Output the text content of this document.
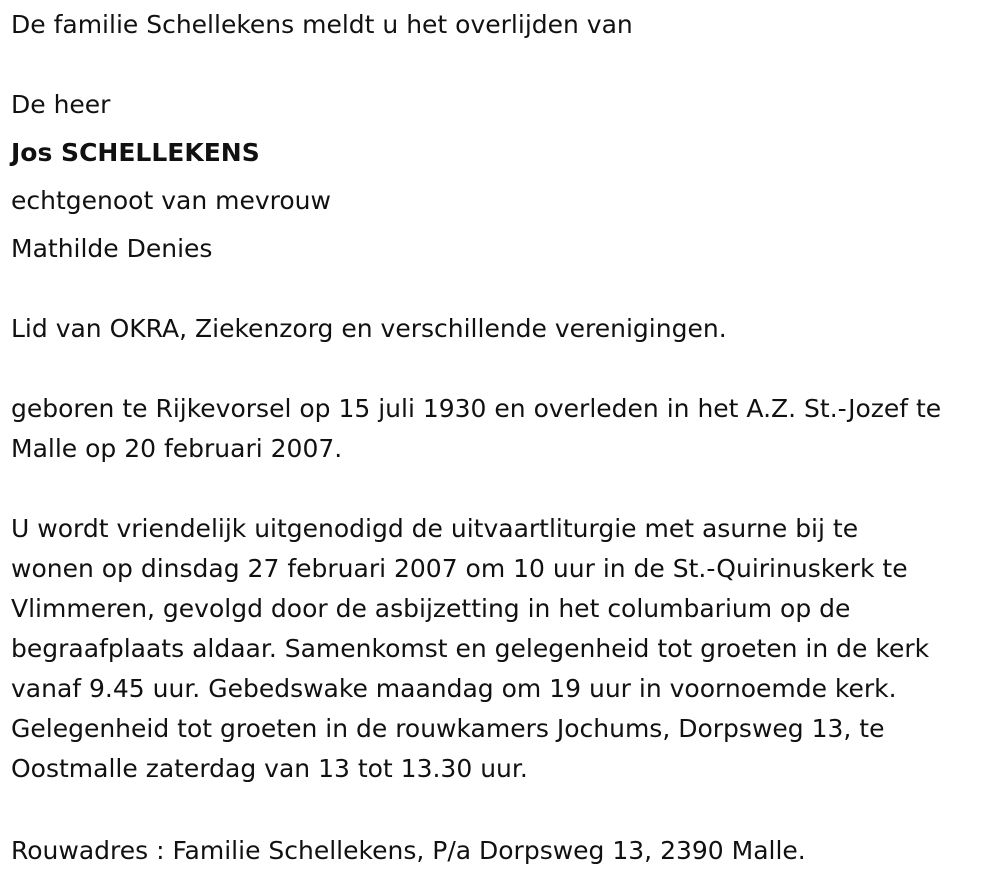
De familie Schellekens meldt u het overlijden van

De heer

Jos SCHELLEKENS

echtgenoot van mevrouw

Mathilde Denies

Lid van OKRA, Ziekenzorg en verschillende verenigingen.

geboren te Rijkevorsel op 15 juli 1930 en overleden in het A.Z. St.-Jozef te
Malle op 20 februari 2007.
U wordt vriendelijk uitgenodigd de uitvaartliturgie met asurne bij te
wonen op dinsdag 27 februari 2007 om 10 uur in de St.-Quirinuskerk te
Vlimmeren, gevolgd door de asbijzetting in het columbarium op de
begraafplaats aldaar. Samenkomst en gelegenheid tot groeten in de kerk
vanaf 9.45 uur. Gebedswake maandag om 19 uur in voornoemde kerk.
Gelegenheid tot groeten in de rouwkamers Jochums, Dorpsweg 13, te
Oostmalle zaterdag van 13 tot 13.30 uur.

Rouwadres : Familie Schellekens, P/a Dorpsweg 13, 2390 Malle.
